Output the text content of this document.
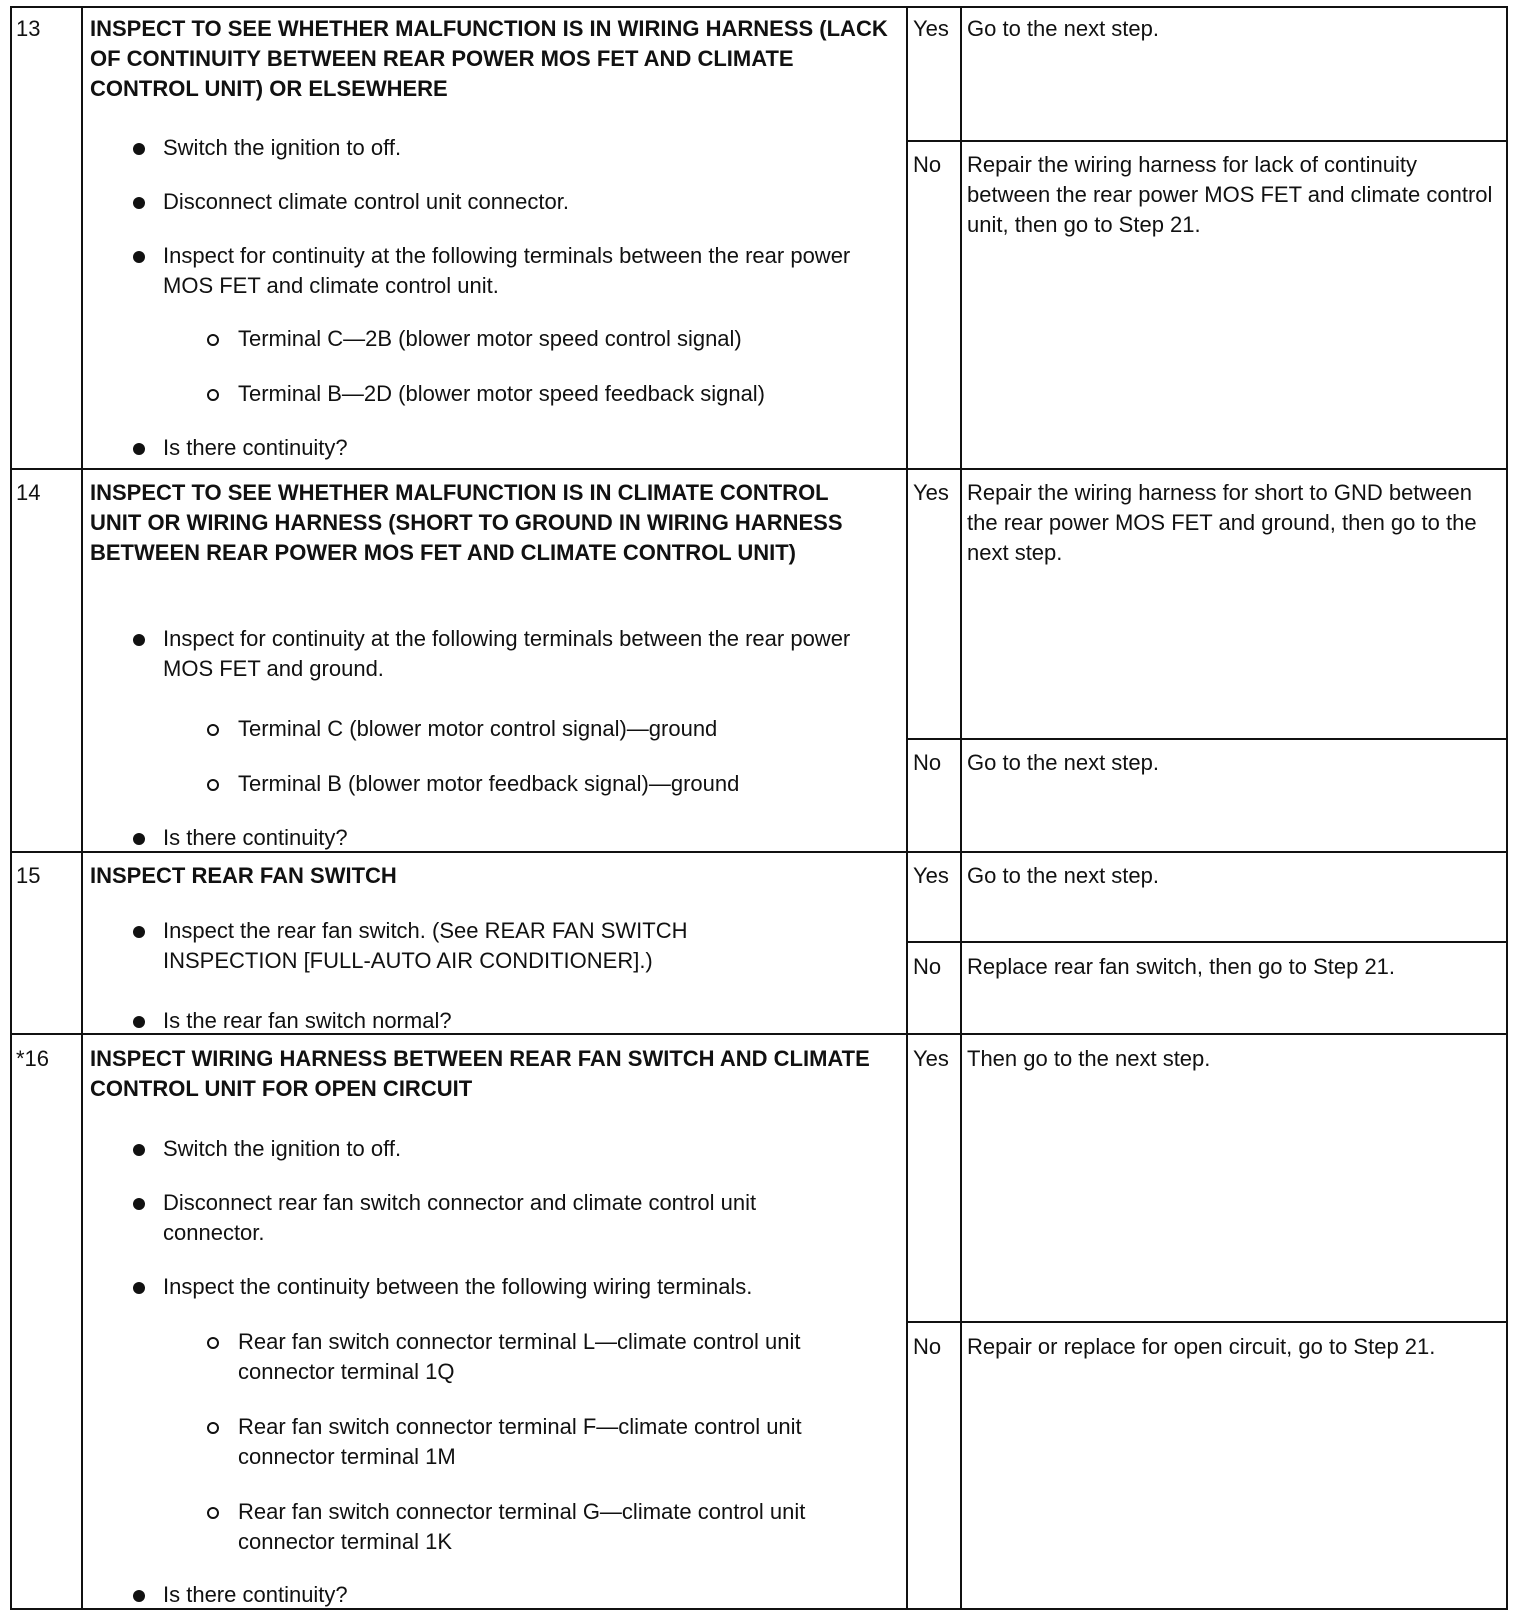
13 INSPECT TO SEE WHETHER MALFUNCTION IS IN WIRING HARNESS (LACK OF CONTINUITY BETWEEN REAR POWER MOS FET AND CLIMATE CONTROL UNIT) OR ELSEWHERE
Switch the ignition to off.
Disconnect climate control unit connector.
Inspect for continuity at the following terminals between the rear power MOS FET and climate control unit.
Terminal C—2B (blower motor speed control signal)
Terminal B—2D (blower motor speed feedback signal)
Is there continuity?
Yes Go to the next step.
No Repair the wiring harness for lack of continuity between the rear power MOS FET and climate control unit, then go to Step 21.
14 INSPECT TO SEE WHETHER MALFUNCTION IS IN CLIMATE CONTROL UNIT OR WIRING HARNESS (SHORT TO GROUND IN WIRING HARNESS BETWEEN REAR POWER MOS FET AND CLIMATE CONTROL UNIT)
Inspect for continuity at the following terminals between the rear power MOS FET and ground.
Terminal C (blower motor control signal)—ground
Terminal B (blower motor feedback signal)—ground
Is there continuity?
Yes Repair the wiring harness for short to GND between the rear power MOS FET and ground, then go to the next step.
No Go to the next step.
15 INSPECT REAR FAN SWITCH
Inspect the rear fan switch. (See REAR FAN SWITCH INSPECTION [FULL-AUTO AIR CONDITIONER].)
Is the rear fan switch normal?
Yes Go to the next step.
No Replace rear fan switch, then go to Step 21.
*16 INSPECT WIRING HARNESS BETWEEN REAR FAN SWITCH AND CLIMATE CONTROL UNIT FOR OPEN CIRCUIT
Switch the ignition to off.
Disconnect rear fan switch connector and climate control unit connector.
Inspect the continuity between the following wiring terminals.
Rear fan switch connector terminal L—climate control unit connector terminal 1Q
Rear fan switch connector terminal F—climate control unit connector terminal 1M
Rear fan switch connector terminal G—climate control unit connector terminal 1K
Is there continuity?
Yes Then go to the next step.
No Repair or replace for open circuit, go to Step 21.
